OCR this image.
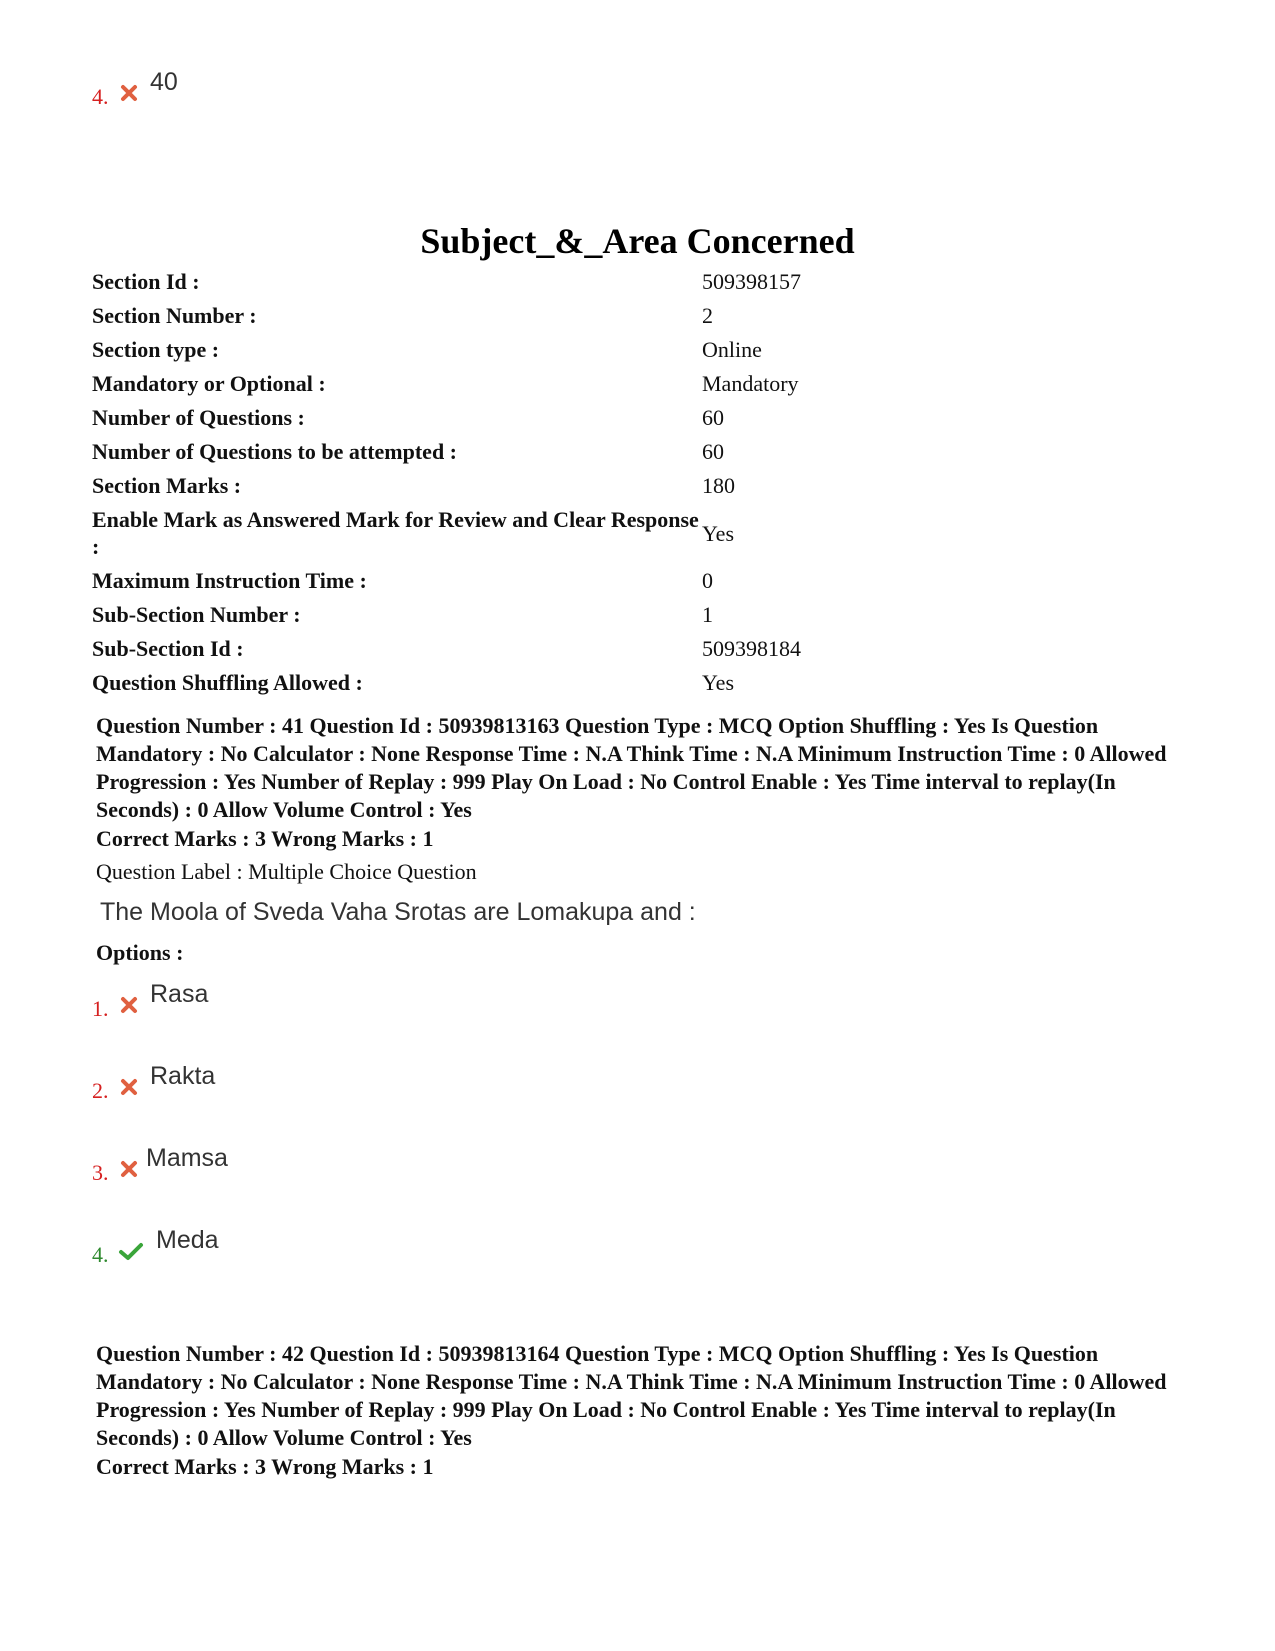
4.
40
Subject_&_Area Concerned
Section Id :	509398157
Section Number :	2
Section type :	Online
Mandatory or Optional :	Mandatory
Number of Questions :	60
Number of Questions to be attempted :	60
Section Marks :	180
Enable Mark as Answered Mark for Review and Clear Response :
Yes
Maximum Instruction Time :	0
Sub-Section Number :	1
Sub-Section Id :	509398184
Question Shuffling Allowed :	Yes
Question Number : 41 Question Id : 50939813163 Question Type : MCQ Option Shuffling : Yes Is Question Mandatory : No Calculator : None Response Time : N.A Think Time : N.A Minimum Instruction Time : 0 Allowed Progression : Yes Number of Replay : 999 Play On Load : No Control Enable : Yes Time interval to replay(In Seconds) : 0 Allow Volume Control : Yes
Correct Marks : 3 Wrong Marks : 1
Question Label : Multiple Choice Question
The Moola of Sveda Vaha Srotas are Lomakupa and :
Options :
1.
Rasa
2.
Rakta
3.
Mamsa
4.
Meda
Question Number : 42 Question Id : 50939813164 Question Type : MCQ Option Shuffling : Yes Is Question Mandatory : No Calculator : None Response Time : N.A Think Time : N.A Minimum Instruction Time : 0 Allowed Progression : Yes Number of Replay : 999 Play On Load : No Control Enable : Yes Time interval to replay(In Seconds) : 0 Allow Volume Control : Yes
Correct Marks : 3 Wrong Marks : 1
